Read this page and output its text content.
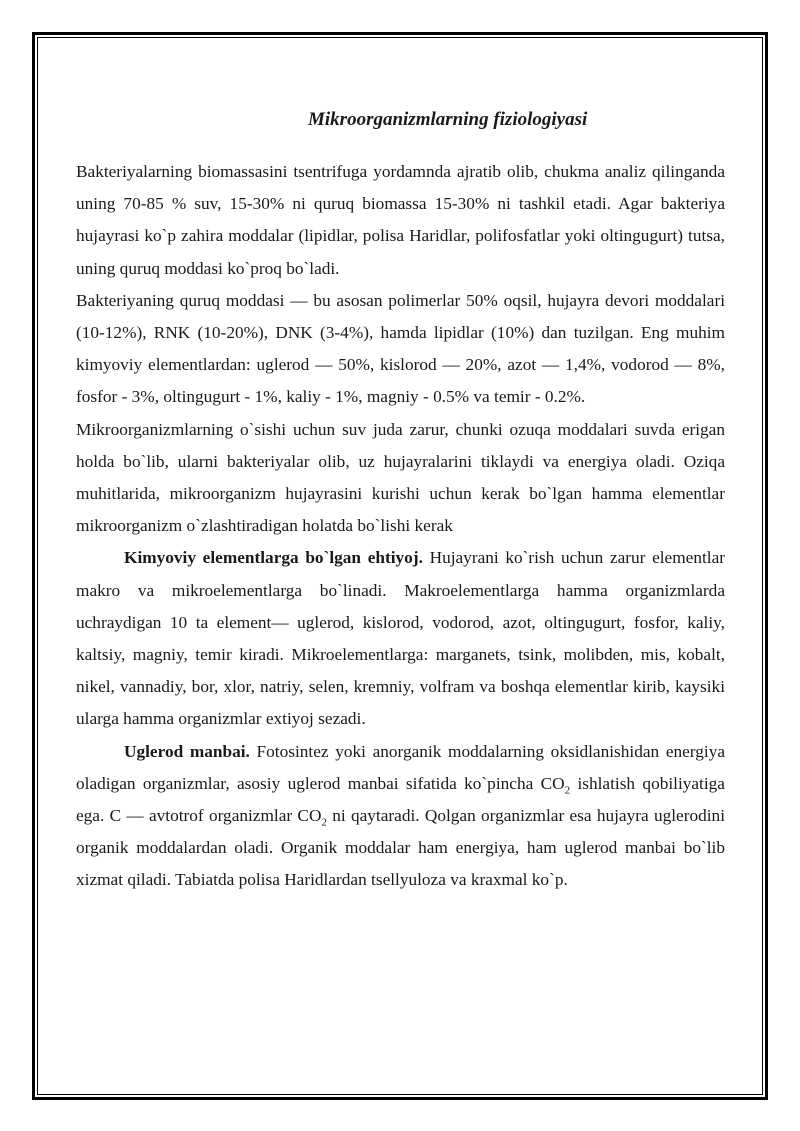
Mikroorganizmlarning fiziologiyasi

Bakteriyalarning biomassasini tsentrifuga yordamnda ajratib olib, chukma analiz qilinganda uning 70-85 % suv, 15-30% ni quruq biomassa 15-30% ni tashkil etadi. Agar bakteriya hujayrasi ko`p zahira moddalar (lipidlar, polisa Haridlar, polifosfatlar yoki oltingugurt) tutsa, uning quruq moddasi ko`proq bo`ladi.

Bakteriyaning quruq moddasi — bu asosan polimerlar 50% oqsil, hujayra devori moddalari (10-12%), RNK (10-20%), DNK (3-4%), hamda lipidlar (10%) dan tuzilgan. Eng muhim kimyoviy elementlardan: uglerod — 50%, kislorod — 20%, azot — 1,4%, vodorod — 8%, fosfor - 3%, oltingugurt - 1%, kaliy - 1%, magniy - 0.5% va temir - 0.2%.

Mikroorganizmlarning o`sishi uchun suv juda zarur, chunki ozuqa moddalari suvda erigan holda bo`lib, ularni bakteriyalar olib, uz hujayralarini tiklaydi va energiya oladi. Oziqa muhitlarida, mikroorganizm hujayrasini kurishi uchun kerak bo`lgan hamma elementlar mikroorganizm o`zlashtiradigan holatda bo`lishi kerak

Kimyoviy elementlarga bo`lgan ehtiyoj. Hujayrani ko`rish uchun zarur elementlar makro va mikroelementlarga bo`linadi. Makroelementlarga hamma organizmlarda uchraydigan 10 ta element— uglerod, kislorod, vodorod, azot, oltingugurt, fosfor, kaliy, kaltsiy, magniy, temir kiradi. Mikroelementlarga: marganets, tsink, molibden, mis, kobalt, nikel, vannadiy, bor, xlor, natriy, selen, kremniy, volfram va boshqa elementlar kirib, kaysiki ularga hamma organizmlar extiyoj sezadi.

Uglerod manbai. Fotosintez yoki anorganik moddalarning oksidlanishidan energiya oladigan organizmlar, asosiy uglerod manbai sifatida ko`pincha $CO_2$ ishlatish qobiliyatiga ega. C — avtotrof organizmlar $CO_2$ ni qaytaradi. Qolgan organizmlar esa hujayra uglerodini organik moddalardan oladi. Organik moddalar ham energiya, ham uglerod manbai bo`lib xizmat qiladi. Tabiatda polisa Haridlardan tsellyuloza va kraxmal ko`p.
